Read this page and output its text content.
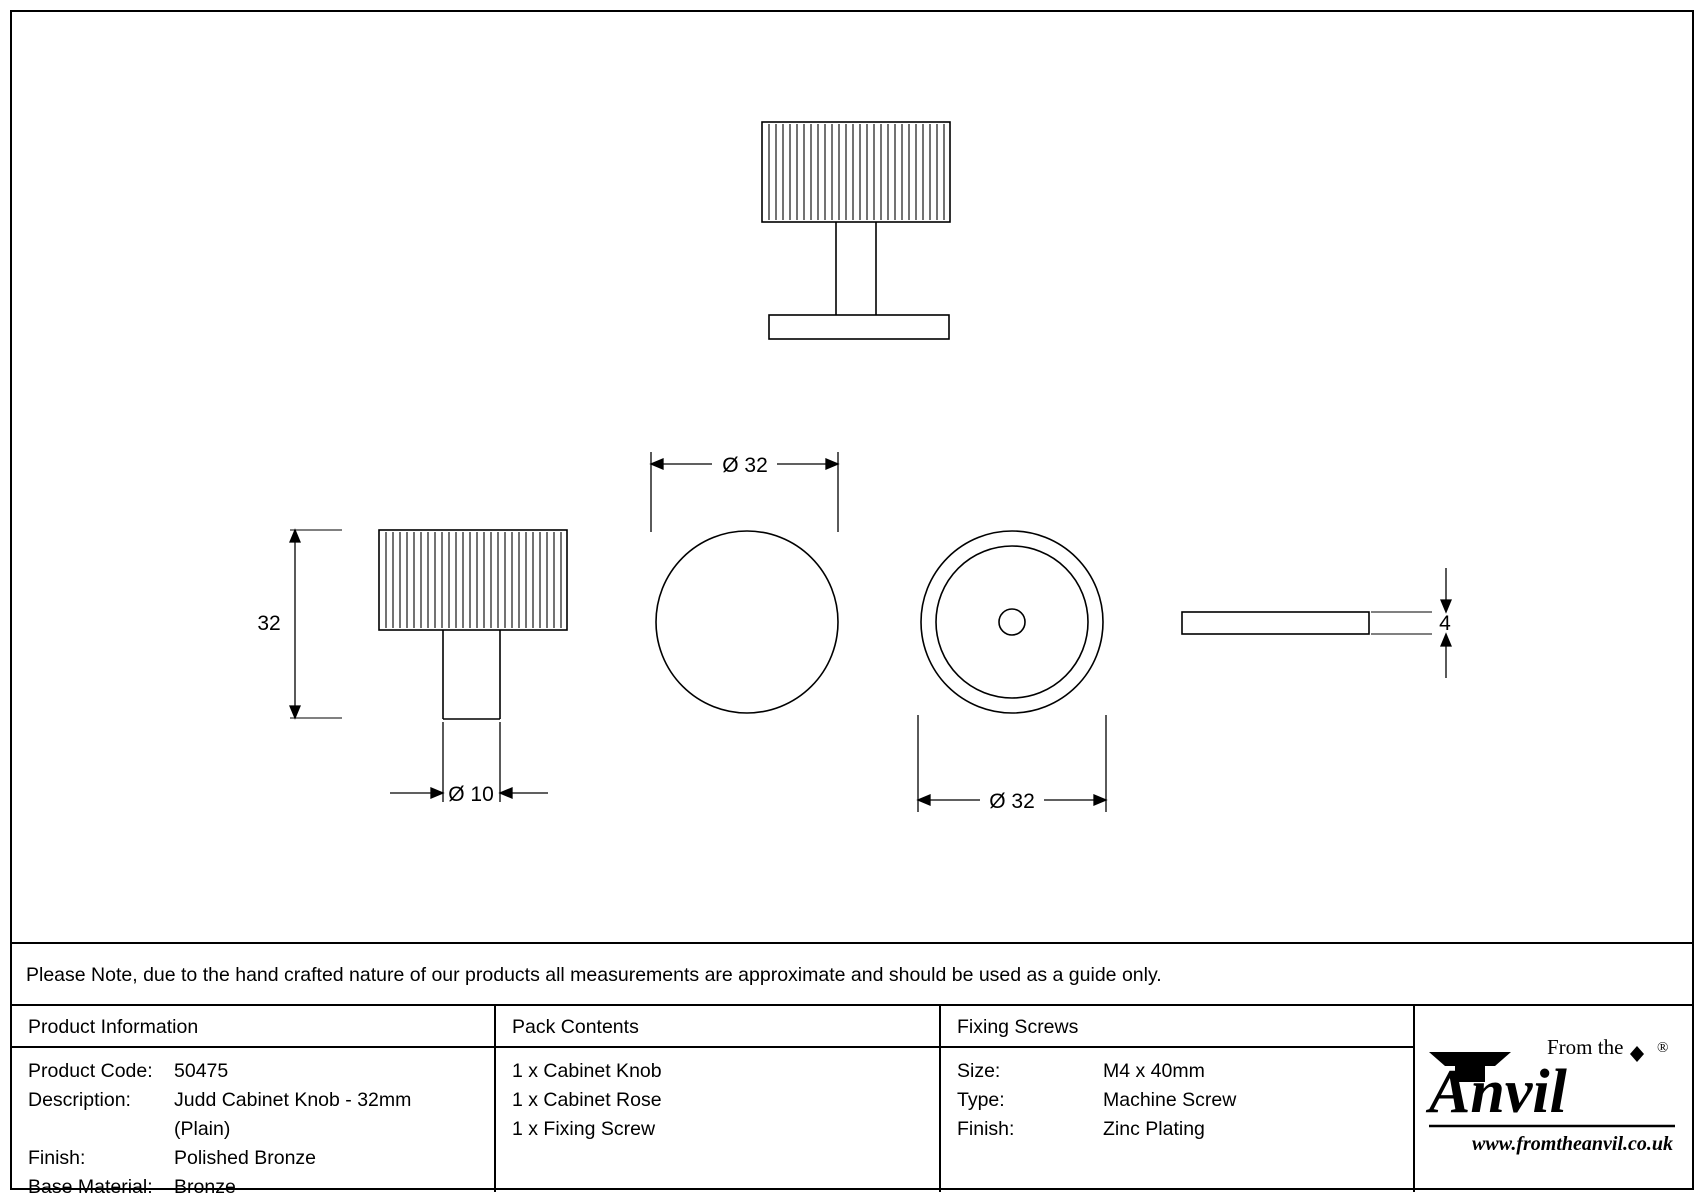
32
Ø 10
Ø 32
Ø 32
4
Please Note, due to the hand crafted nature of our products all measurements are approximate and should be used as a guide only.
Product Information
Product Code: 50475
Description: Judd Cabinet Knob - 32mm
(Plain)
Finish:	Polished Bronze
Base Material: Bronze
Pack Contents
1 x Cabinet Knob
1 x Cabinet Rose
1 x Fixing Screw
Fixing Screws
Size:	M4 x 40mm
Type:	Machine Screw
Finish:	Zinc Plating
From the ®
Anvil
www.fromtheanvil.co.uk
